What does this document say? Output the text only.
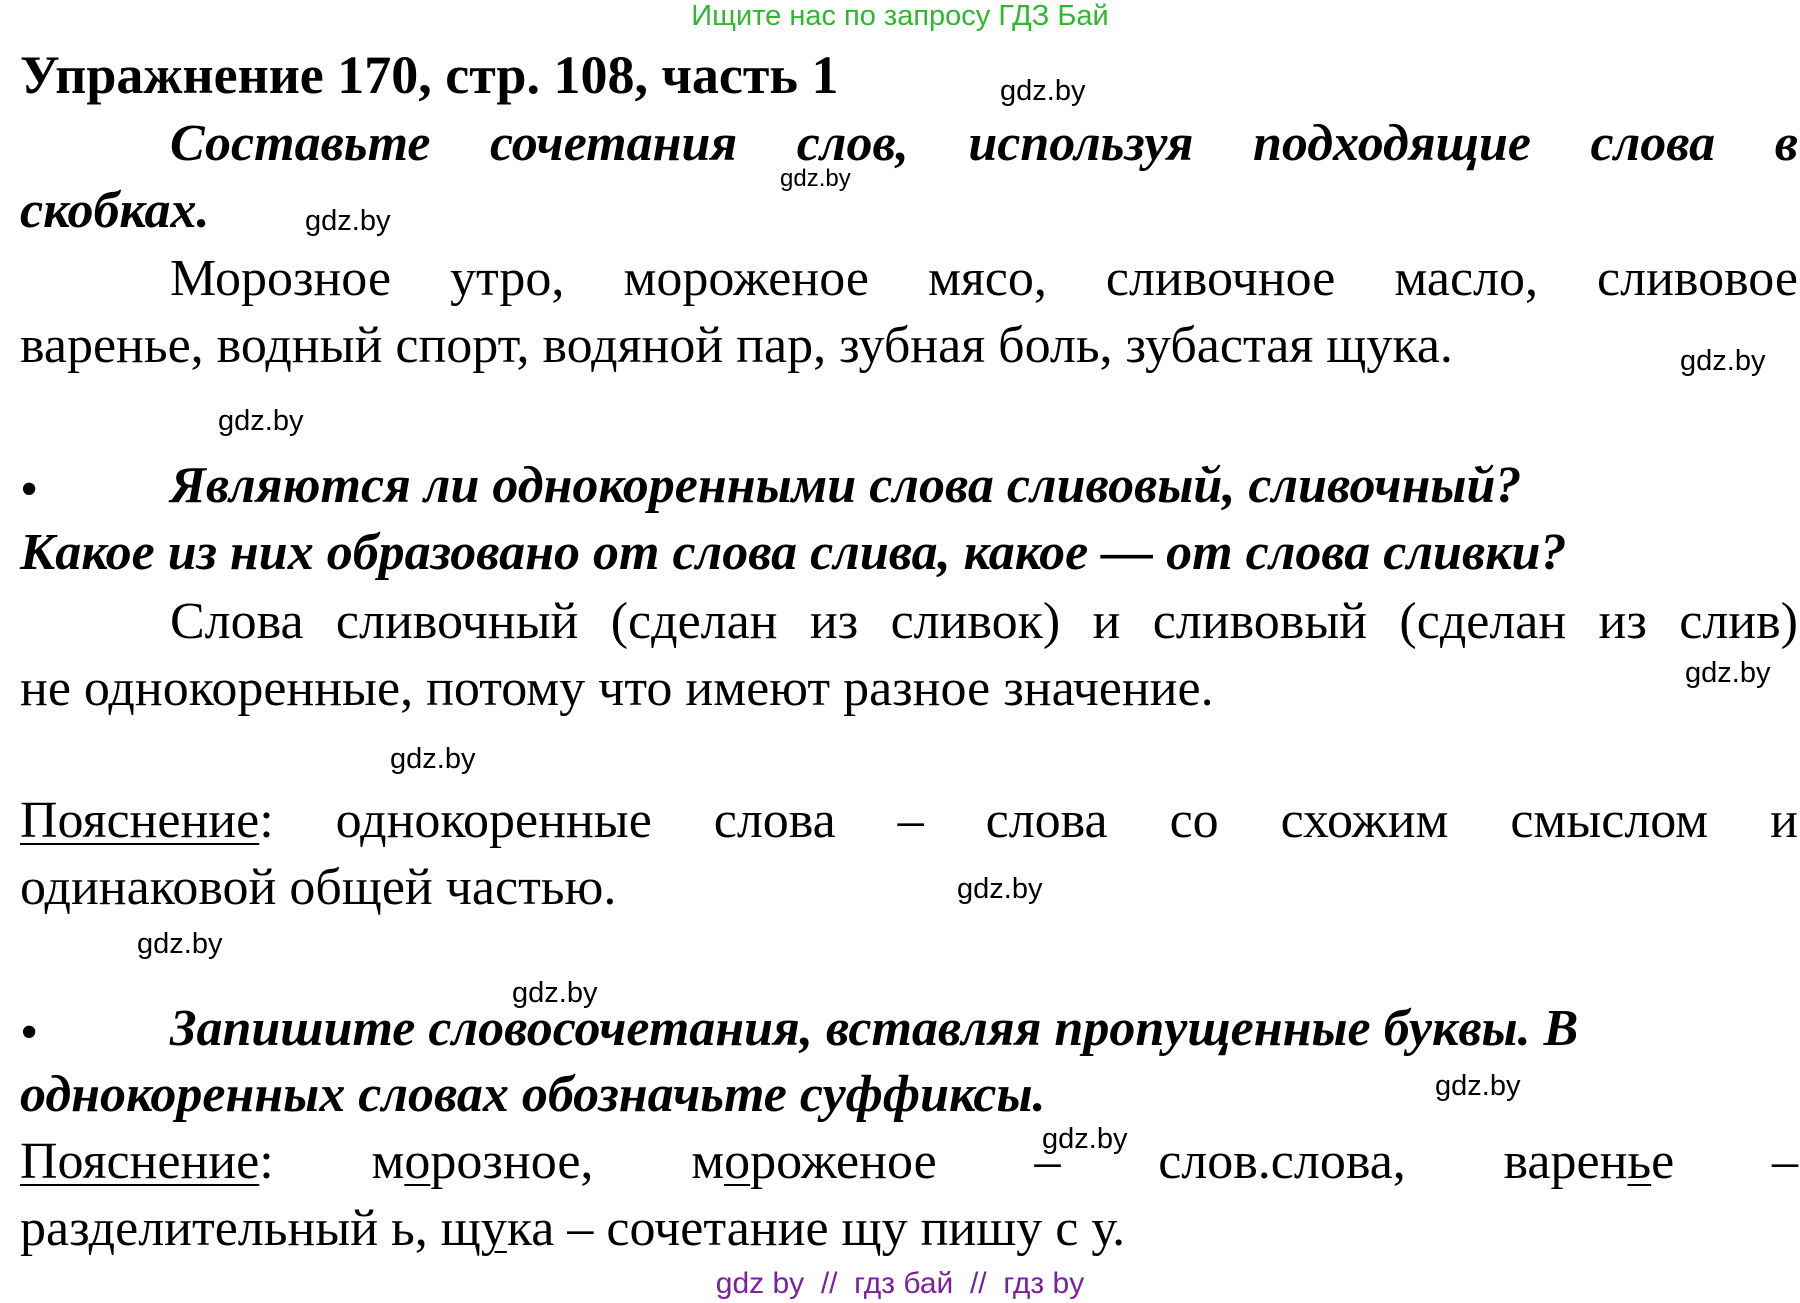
Ищите нас по запросу ГДЗ Бай
Упражнение 170, стр. 108, часть 1	gdz.by
gdz.by
gdz.by
gdz.by
gdz.by
gdz.by
gdz.by
gdz.by
gdz.by
gdz.by
gdz.by
gdz.by
Составьте сочетания слов, используя подходящие слова в
скобках.
Морозное утро, мороженое мясо, сливочное масло, сливовое
варенье, водный спорт, водяной пар, зубная боль, зубастая щука.
•	Являются ли однокоренными слова сливовый, сливочный?
Какое из них образовано от слова слива, какое — от слова сливки?
Слова сливочный (сделан из сливок) и сливовый (сделан из слив)
не однокоренные, потому что имеют разное значение.
Пояснение: однокоренные слова – слова со схожим смыслом и
одинаковой общей частью.
•	Запишите словосочетания, вставляя пропущенные буквы. В
однокоренных словах обозначьте суффиксы.
Пояснение: морозное, мороженое – слов.слова, варенье –
разделительный ь, щука – сочетание щу пишу с у.
gdz by  //  гдз бай  //  гдз by
